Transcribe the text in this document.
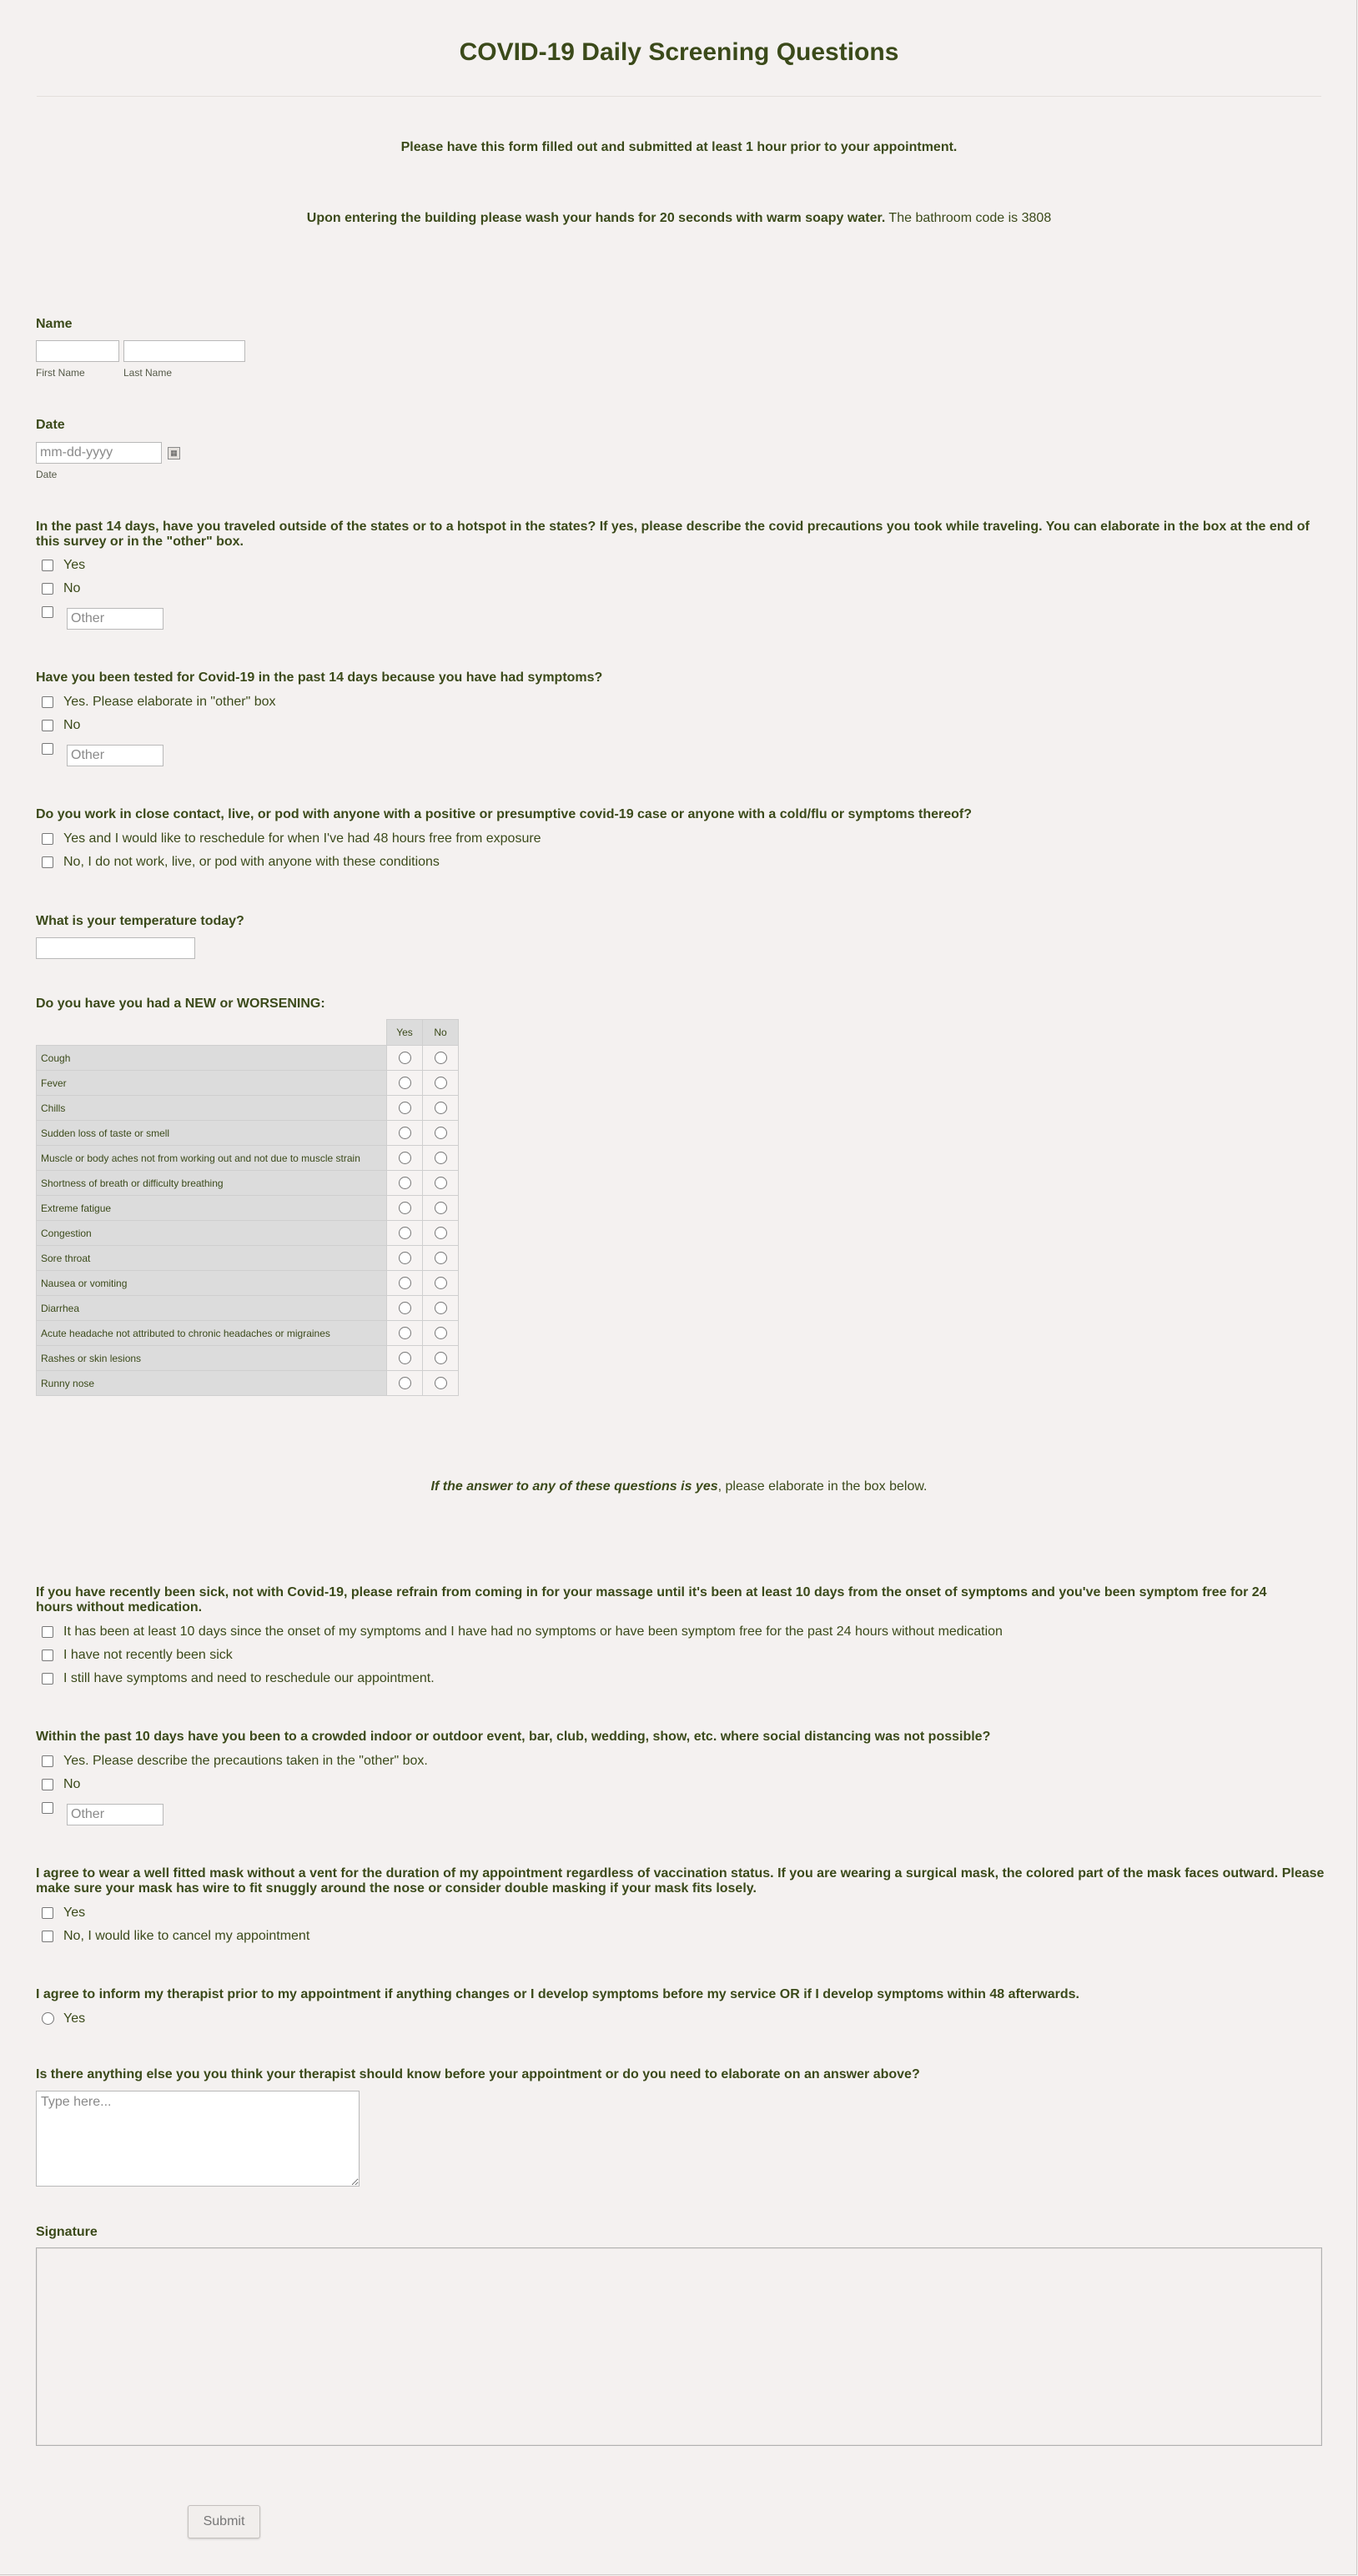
COVID-19 Daily Screening Questions
Please have this form filled out and submitted at least 1 hour prior to your appointment.
Upon entering the building please wash your hands for 20 seconds with warm soapy water. The bathroom code is 3808
Name
First Name	Last Name
Date
mm-dd-yyyy
▦
Date
In the past 14 days, have you traveled outside of the states or to a hotspot in the states? If yes, please describe the covid precautions you took while traveling. You can elaborate in the box at the end of this survey or in the "other" box.
Yes
No
Other
Have you been tested for Covid-19 in the past 14 days because you have had symptoms?
Yes. Please elaborate in "other" box
No
Other
Do you work in close contact, live, or pod with anyone with a positive or presumptive covid-19 case or anyone with a cold/flu or symptoms thereof?
Yes and I would like to reschedule for when I've had 48 hours free from exposure
No, I do not work, live, or pod with anyone with these conditions
What is your temperature today?
Do you have you had a NEW or WORSENING:
	Yes	No
Cough		
Fever		
Chills		
Sudden loss of taste or smell		
Muscle or body aches not from working out and not due to muscle strain		
Shortness of breath or difficulty breathing		
Extreme fatigue		
Congestion		
Sore throat		
Nausea or vomiting		
Diarrhea		
Acute headache not attributed to chronic headaches or migraines		
Rashes or skin lesions		
Runny nose		
If the answer to any of these questions is yes, please elaborate in the box below.
If you have recently been sick, not with Covid-19, please refrain from coming in for your massage until it's been at least 10 days from the onset of symptoms and you've been symptom free for 24 hours without medication.
It has been at least 10 days since the onset of my symptoms and I have had no symptoms or have been symptom free for the past 24 hours without medication
I have not recently been sick
I still have symptoms and need to reschedule our appointment.
Within the past 10 days have you been to a crowded indoor or outdoor event, bar, club, wedding, show, etc. where social distancing was not possible?
Yes. Please describe the precautions taken in the "other" box.
No
Other
I agree to wear a well fitted mask without a vent for the duration of my appointment regardless of vaccination status. If you are wearing a surgical mask, the colored part of the mask faces outward. Please make sure your mask has wire to fit snuggly around the nose or consider double masking if your mask fits losely.
Yes
No, I would like to cancel my appointment
I agree to inform my therapist prior to my appointment if anything changes or I develop symptoms before my service OR if I develop symptoms within 48 afterwards.
Yes
Is there anything else you you think your therapist should know before your appointment or do you need to elaborate on an answer above?
Type here...
Signature
Submit
